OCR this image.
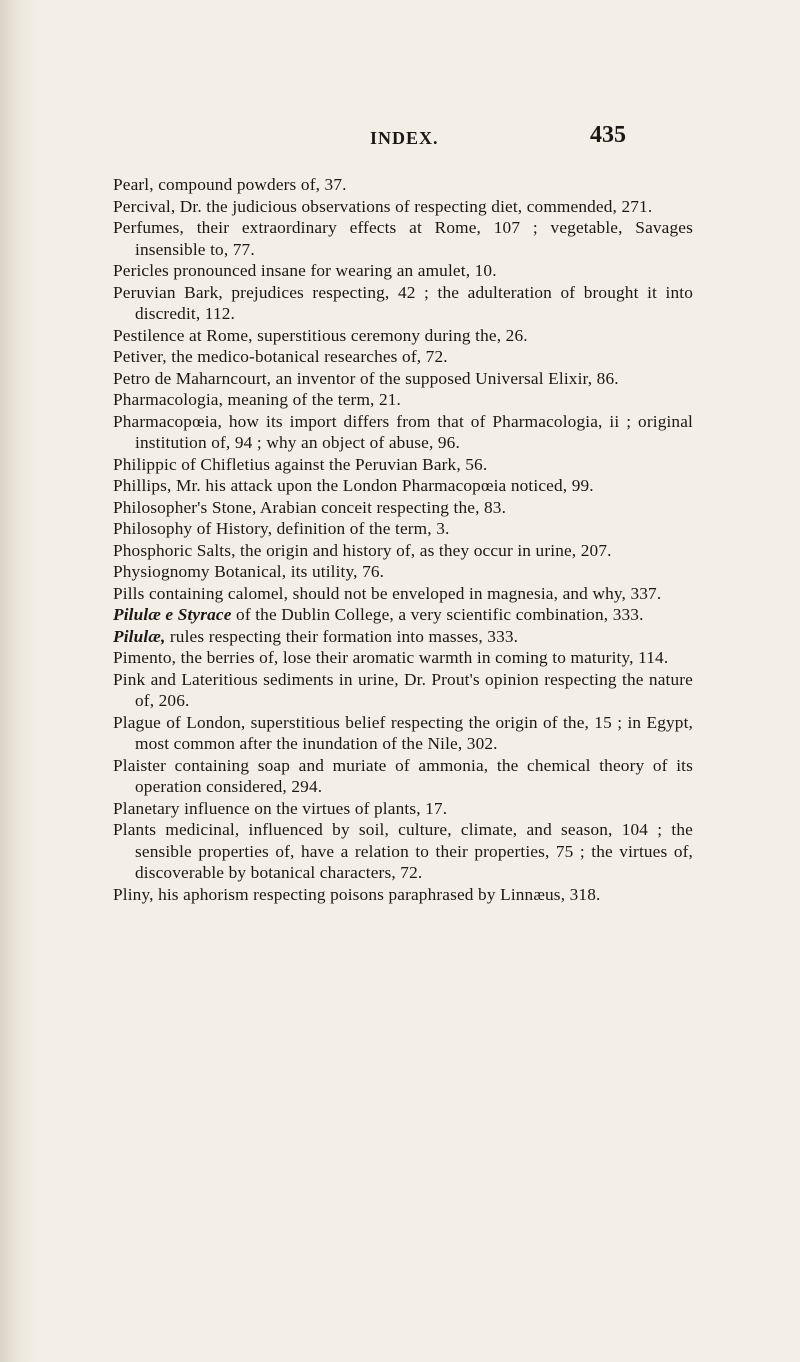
INDEX.	435
Pearl, compound powders of, 37.
Percival, Dr. the judicious observations of respecting diet, commended, 271.
Perfumes, their extraordinary effects at Rome, 107 ; vegetable, Savages insensible to, 77.
Pericles pronounced insane for wearing an amulet, 10.
Peruvian Bark, prejudices respecting, 42 ; the adulteration of brought it into discredit, 112.
Pestilence at Rome, superstitious ceremony during the, 26.
Petiver, the medico-botanical researches of, 72.
Petro de Maharncourt, an inventor of the supposed Universal Elixir, 86.
Pharmacologia, meaning of the term, 21.
Pharmacopœia, how its import differs from that of Pharmacologia, ii ; original institution of, 94 ; why an object of abuse, 96.
Philippic of Chifletius against the Peruvian Bark, 56.
Phillips, Mr. his attack upon the London Pharmacopœia noticed, 99.
Philosopher's Stone, Arabian conceit respecting the, 83.
Philosophy of History, definition of the term, 3.
Phosphoric Salts, the origin and history of, as they occur in urine, 207.
Physiognomy Botanical, its utility, 76.
Pills containing calomel, should not be enveloped in magnesia, and why, 337.
Pilulæ e Styrace of the Dublin College, a very scientific combination, 333.
Pilulæ, rules respecting their formation into masses, 333.
Pimento, the berries of, lose their aromatic warmth in coming to maturity, 114.
Pink and Lateritious sediments in urine, Dr. Prout's opinion respecting the nature of, 206.
Plague of London, superstitious belief respecting the origin of the, 15 ; in Egypt, most common after the inundation of the Nile, 302.
Plaister containing soap and muriate of ammonia, the chemical theory of its operation considered, 294.
Planetary influence on the virtues of plants, 17.
Plants medicinal, influenced by soil, culture, climate, and season, 104 ; the sensible properties of, have a relation to their properties, 75 ; the virtues of, discoverable by botanical characters, 72.
Pliny, his aphorism respecting poisons paraphrased by Linnæus, 318.
